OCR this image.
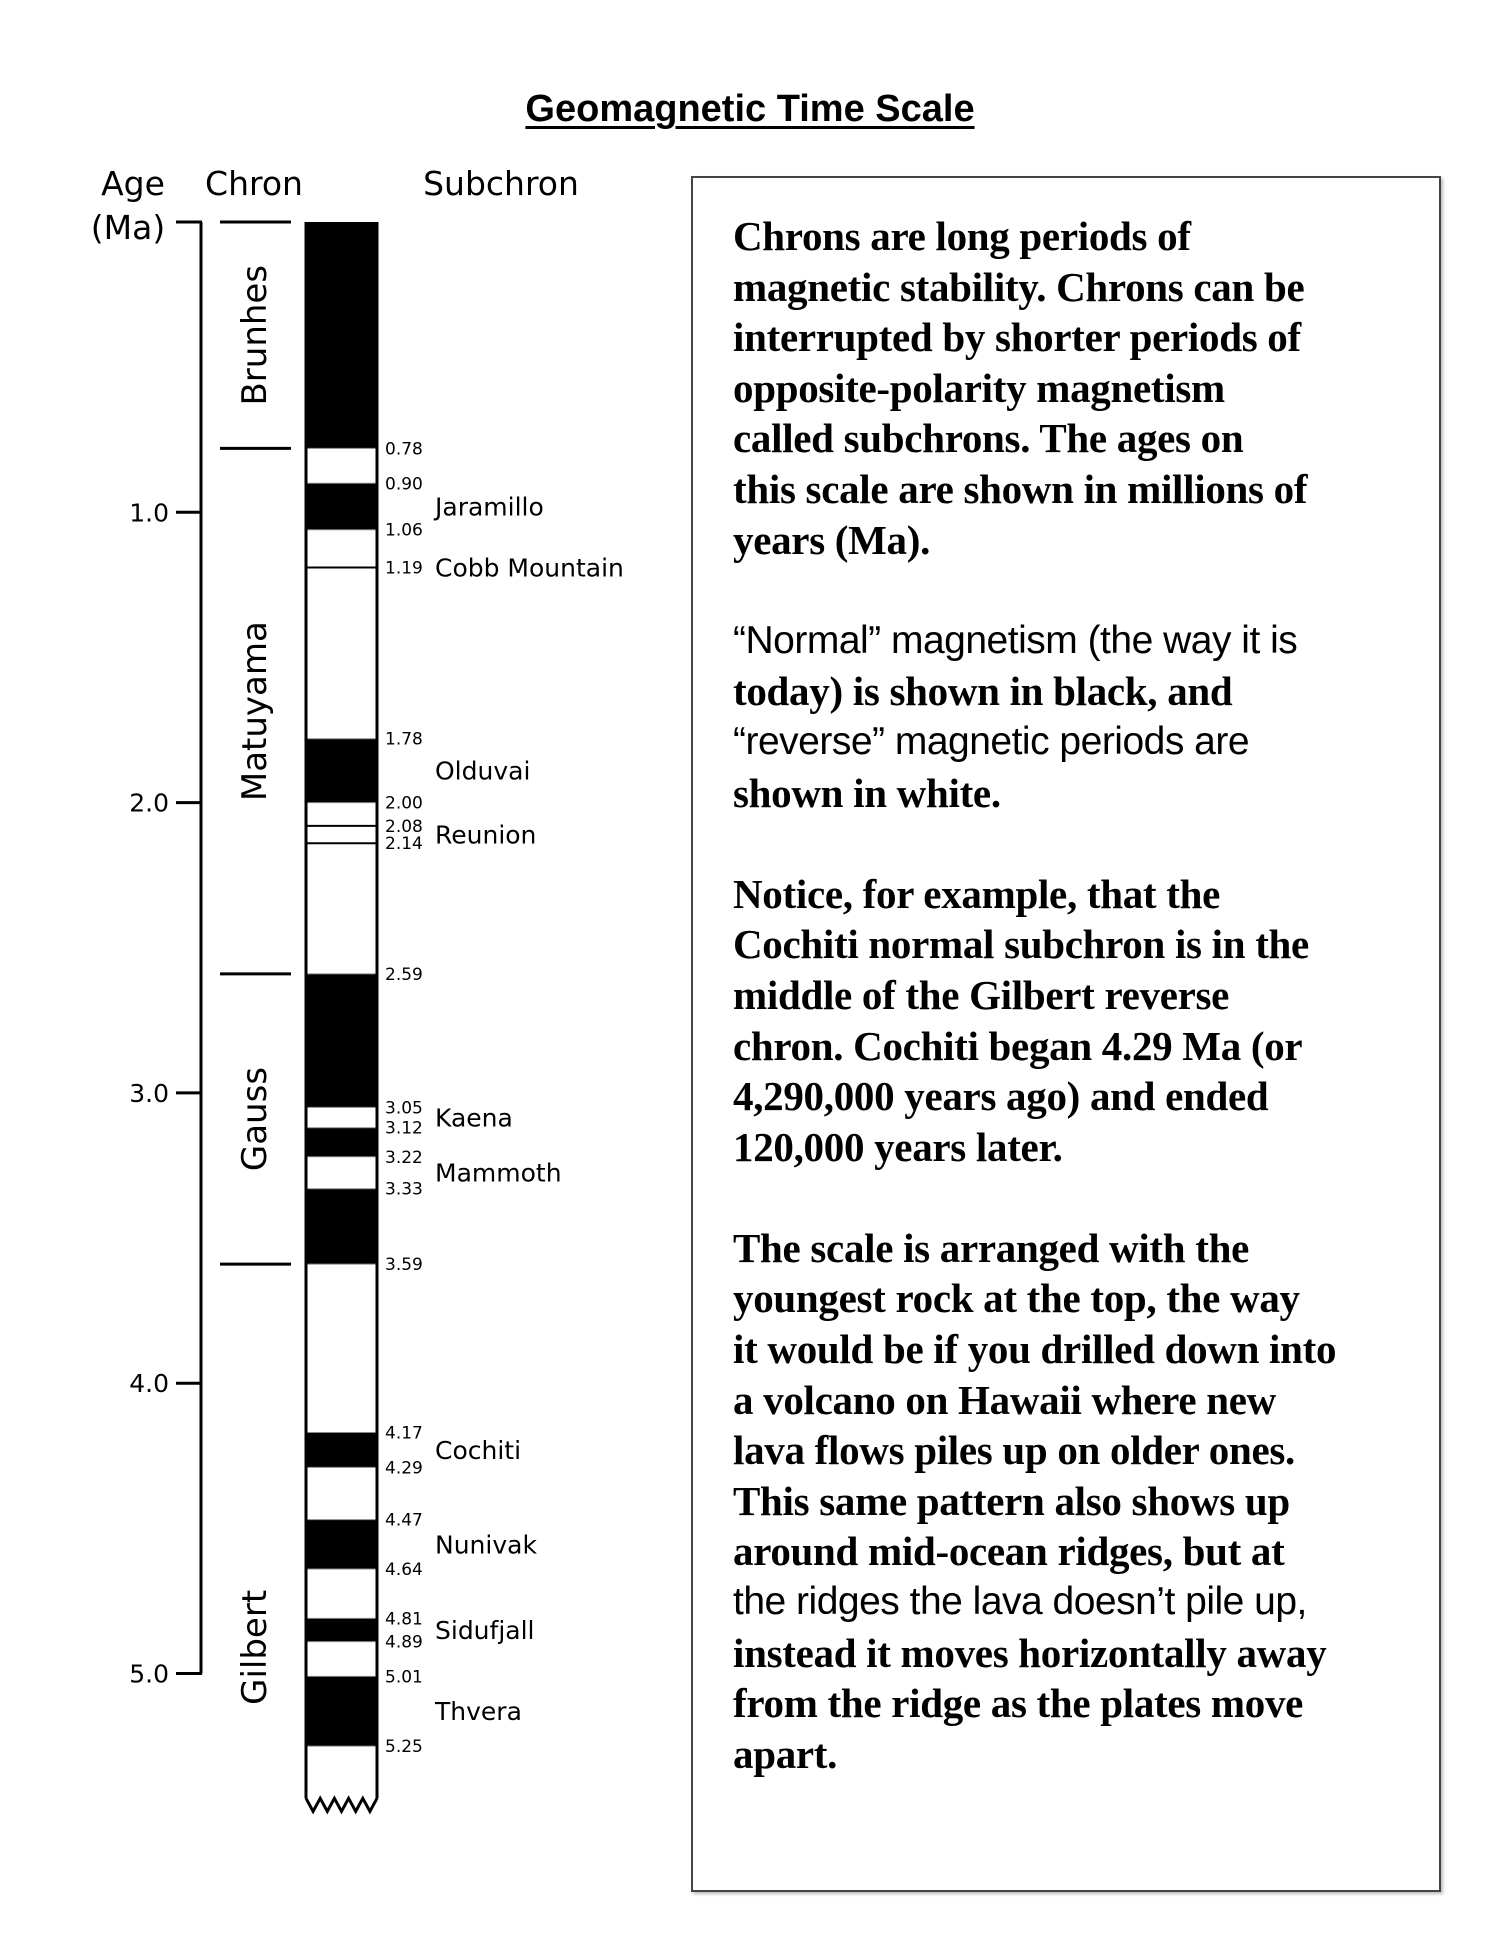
Geomagnetic Time Scale
Age
(Ma)
Chron	Subchron
1.0
2.0
3.0
4.0
5.0
Brunhes
Matuyama
Gauss
Gilbert
0.78
0.90
1.06
1.19
1.78
2.00
2.08
2.14
2.59
3.05
3.12
3.22
3.33
3.59
4.17
4.29
4.47
4.64
4.81
4.89
5.01
5.25
Jaramillo
Cobb Mountain
Olduvai
Reunion
Kaena
Mammoth
Cochiti
Nunivak
Sidufjall
Thvera
Chrons are long periods of
magnetic stability. Chrons can be
interrupted by shorter periods of
opposite-polarity magnetism
called subchrons. The ages on
this scale are shown in millions of
years (Ma).
“Normal” magnetism (the way it is
today) is shown in black, and
“reverse” magnetic periods are
shown in white.
Notice, for example, that the
Cochiti normal subchron is in the
middle of the Gilbert reverse
chron. Cochiti began 4.29 Ma (or
4,290,000 years ago) and ended
120,000 years later.
The scale is arranged with the
youngest rock at the top, the way
it would be if you drilled down into
a volcano on Hawaii where new
lava flows piles up on older ones.
This same pattern also shows up
around mid-ocean ridges, but at
the ridges the lava doesn’t pile up,
instead it moves horizontally away
from the ridge as the plates move
apart.
